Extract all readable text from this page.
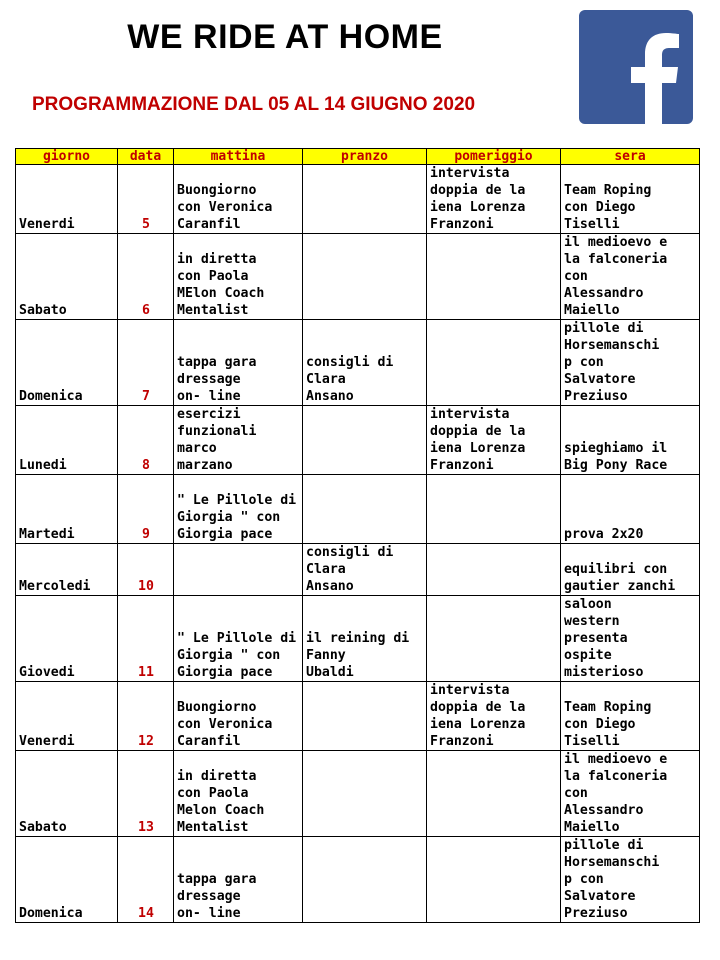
WE RIDE AT HOME
PROGRAMMAZIONE DAL 05 AL 14 GIUGNO 2020
giorno	data	mattina	pranzo	pomeriggio	sera
Venerdi	5	Buongiorno
con Veronica
Caranfil		intervista
doppia de la
iena Lorenza
Franzoni	Team Roping
con Diego
Tiselli
Sabato	6	in diretta
con Paola
MElon Coach
Mentalist			il medioevo e
la falconeria
con
Alessandro
Maiello
Domenica	7	tappa gara
dressage
on- line	consigli di
Clara
Ansano		pillole di
Horsemanschi
p con
Salvatore
Preziuso
Lunedi	8	esercizi
funzionali
marco
marzano		intervista
doppia de la
iena Lorenza
Franzoni	spieghiamo il
Big Pony Race
Martedi	9	" Le Pillole di
Giorgia " con
Giorgia pace			prova 2x20
Mercoledi	10		consigli di
Clara
Ansano		equilibri con
gautier zanchi
Giovedi	11	" Le Pillole di
Giorgia " con
Giorgia pace	il reining di
Fanny
Ubaldi		saloon
western
presenta
ospite
misterioso
Venerdi	12	Buongiorno
con Veronica
Caranfil		intervista
doppia de la
iena Lorenza
Franzoni	Team Roping
con Diego
Tiselli
Sabato	13	in diretta
con Paola
Melon Coach
Mentalist			il medioevo e
la falconeria
con
Alessandro
Maiello
Domenica	14	tappa gara
dressage
on- line			pillole di
Horsemanschi
p con
Salvatore
Preziuso
